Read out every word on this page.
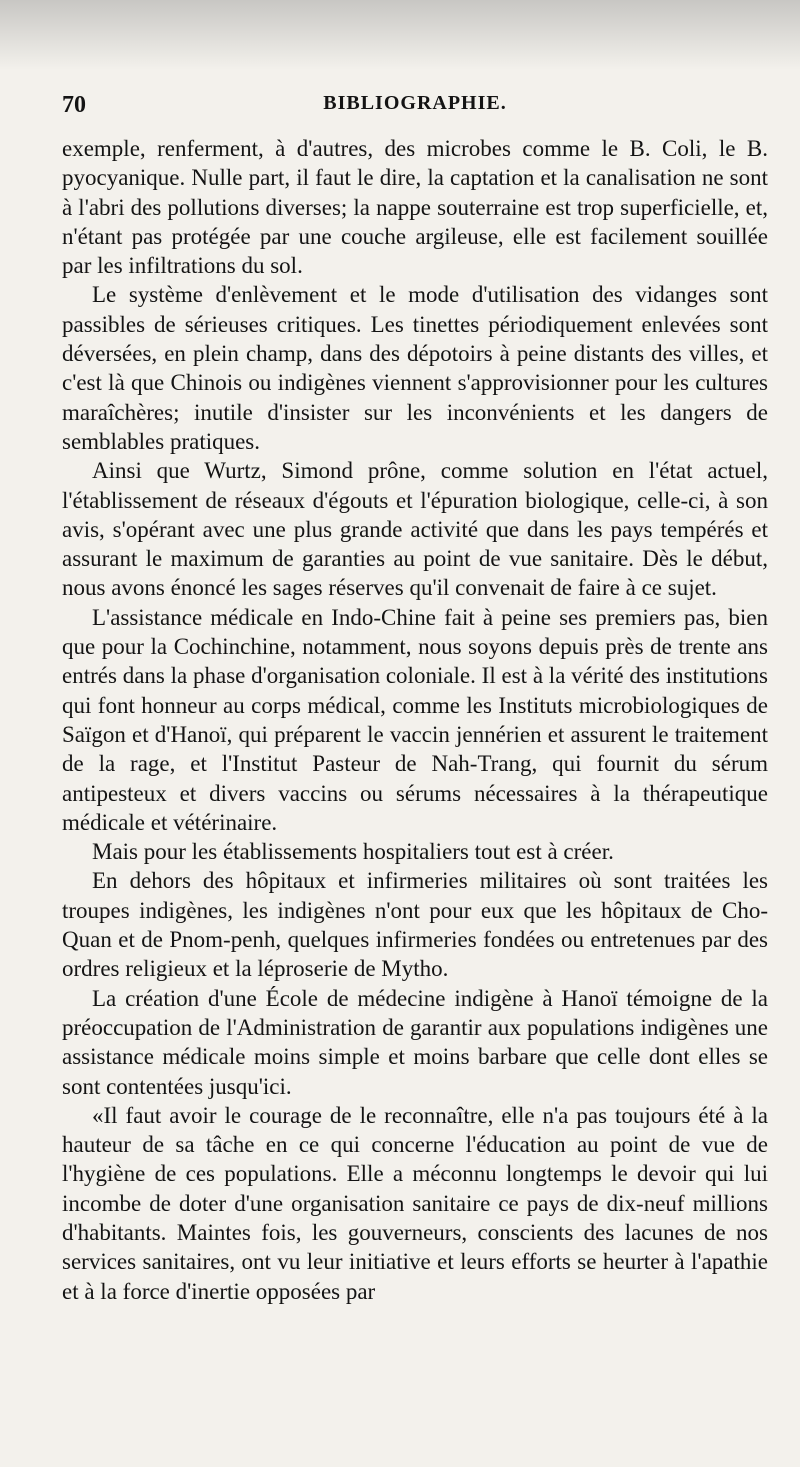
70	BIBLIOGRAPHIE.

exemple, renferment, à d'autres, des microbes comme le B. Coli, le B. pyocyanique. Nulle part, il faut le dire, la captation et la canalisation ne sont à l'abri des pollutions diverses; la nappe souterraine est trop superficielle, et, n'étant pas protégée par une couche argileuse, elle est facilement souillée par les infiltrations du sol.

Le système d'enlèvement et le mode d'utilisation des vidanges sont passibles de sérieuses critiques. Les tinettes périodiquement enlevées sont déversées, en plein champ, dans des dépotoirs à peine distants des villes, et c'est là que Chinois ou indigènes viennent s'approvisionner pour les cultures maraîchères; inutile d'insister sur les inconvénients et les dangers de semblables pratiques.

Ainsi que Wurtz, Simond prône, comme solution en l'état actuel, l'établissement de réseaux d'égouts et l'épuration biologique, celle-ci, à son avis, s'opérant avec une plus grande activité que dans les pays tempérés et assurant le maximum de garanties au point de vue sanitaire. Dès le début, nous avons énoncé les sages réserves qu'il convenait de faire à ce sujet.

L'assistance médicale en Indo-Chine fait à peine ses premiers pas, bien que pour la Cochinchine, notamment, nous soyons depuis près de trente ans entrés dans la phase d'organisation coloniale. Il est à la vérité des institutions qui font honneur au corps médical, comme les Instituts microbiologiques de Saïgon et d'Hanoï, qui préparent le vaccin jennérien et assurent le traitement de la rage, et l'Institut Pasteur de Nah-Trang, qui fournit du sérum antipesteux et divers vaccins ou sérums nécessaires à la thérapeutique médicale et vétérinaire.

Mais pour les établissements hospitaliers tout est à créer.

En dehors des hôpitaux et infirmeries militaires où sont traitées les troupes indigènes, les indigènes n'ont pour eux que les hôpitaux de Cho-Quan et de Pnom-penh, quelques infirmeries fondées ou entretenues par des ordres religieux et la léproserie de Mytho.

La création d'une École de médecine indigène à Hanoï témoigne de la préoccupation de l'Administration de garantir aux populations indigènes une assistance médicale moins simple et moins barbare que celle dont elles se sont contentées jusqu'ici.

«Il faut avoir le courage de le reconnaître, elle n'a pas toujours été à la hauteur de sa tâche en ce qui concerne l'éducation au point de vue de l'hygiène de ces populations. Elle a méconnu longtemps le devoir qui lui incombe de doter d'une organisation sanitaire ce pays de dix-neuf millions d'habitants. Maintes fois, les gouverneurs, conscients des lacunes de nos services sanitaires, ont vu leur initiative et leurs efforts se heurter à l'apathie et à la force d'inertie opposées par
